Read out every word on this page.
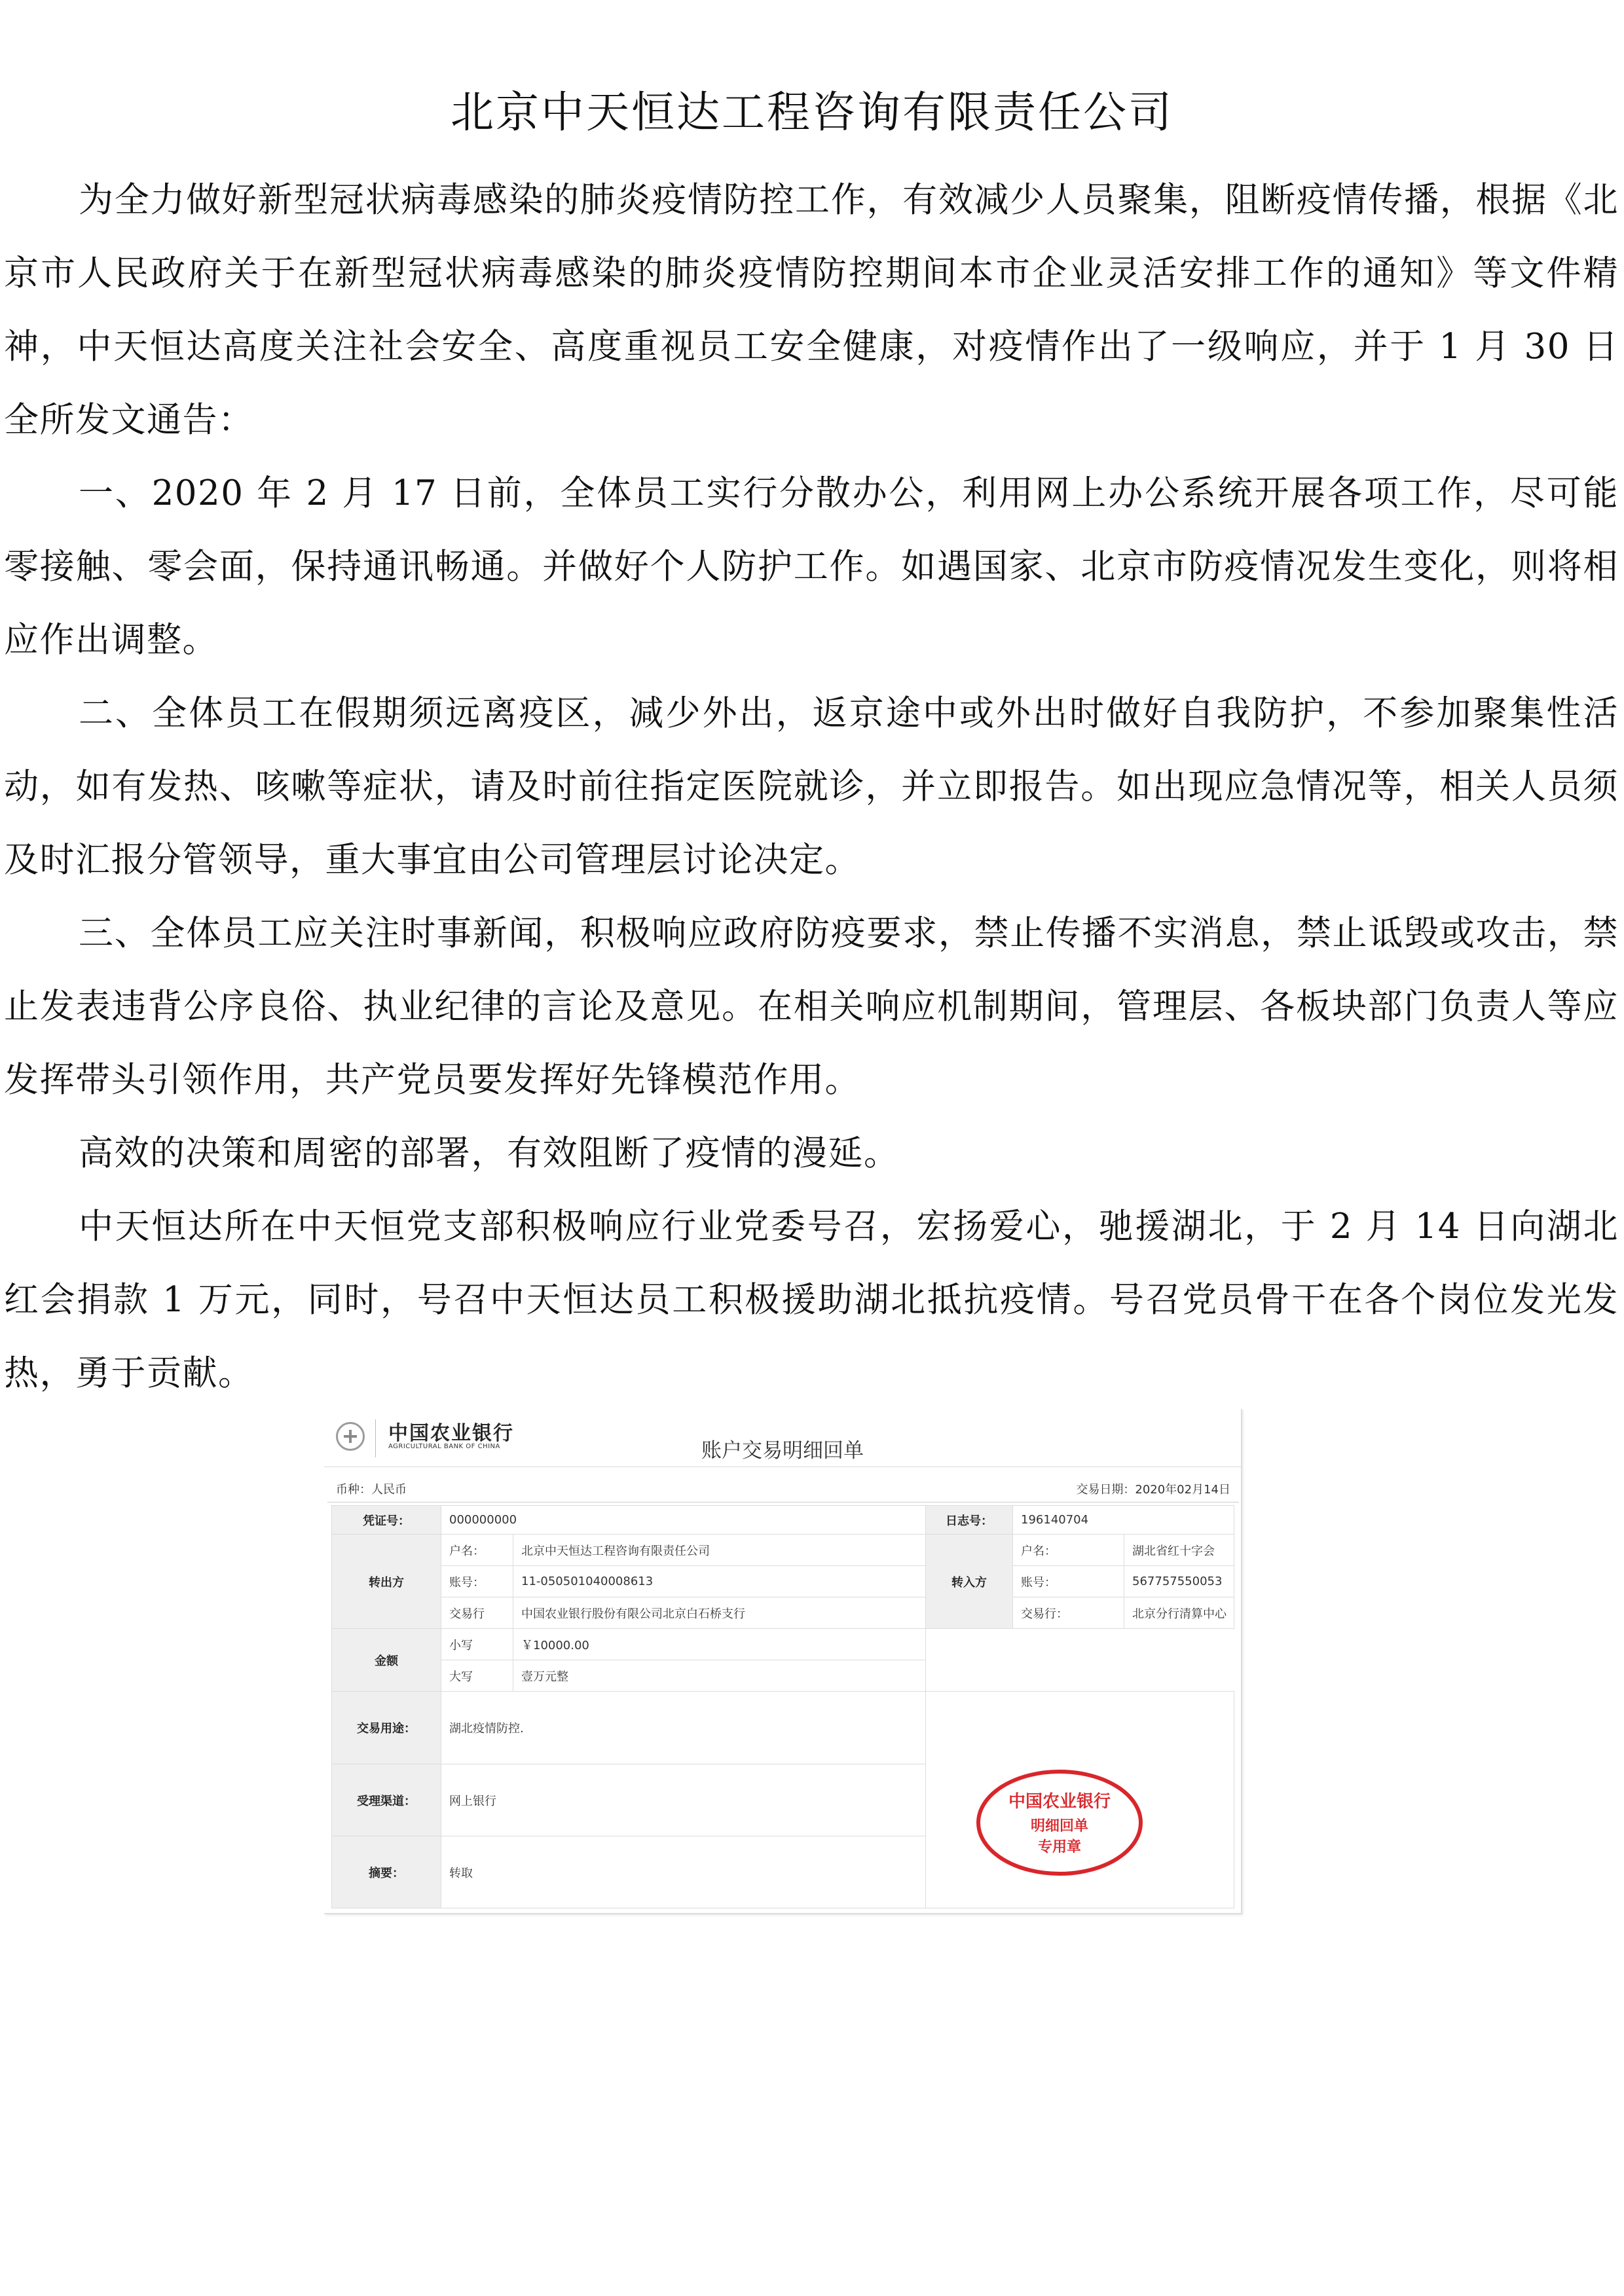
北京中天恒达工程咨询有限责任公司

为全力做好新型冠状病毒感染的肺炎疫情防控工作，有效减少人员聚集，阻断疫情传播，根据《北京市人民政府关于在新型冠状病毒感染的肺炎疫情防控期间本市企业灵活安排工作的通知》等文件精神，中天恒达高度关注社会安全、高度重视员工安全健康，对疫情作出了一级响应，并于 1 月 30 日全所发文通告：

一、2020 年 2 月 17 日前，全体员工实行分散办公，利用网上办公系统开展各项工作，尽可能零接触、零会面，保持通讯畅通。并做好个人防护工作。如遇国家、北京市防疫情况发生变化，则将相应作出调整。

二、全体员工在假期须远离疫区，减少外出，返京途中或外出时做好自我防护，不参加聚集性活动，如有发热、咳嗽等症状，请及时前往指定医院就诊，并立即报告。如出现应急情况等，相关人员须及时汇报分管领导，重大事宜由公司管理层讨论决定。

三、全体员工应关注时事新闻，积极响应政府防疫要求，禁止传播不实消息，禁止诋毁或攻击，禁止发表违背公序良俗、执业纪律的言论及意见。在相关响应机制期间，管理层、各板块部门负责人等应发挥带头引领作用，共产党员要发挥好先锋模范作用。

高效的决策和周密的部署，有效阻断了疫情的漫延。

中天恒达所在中天恒党支部积极响应行业党委号召，宏扬爱心，驰援湖北，于 2 月 14 日向湖北红会捐款 1 万元，同时，号召中天恒达员工积极援助湖北抵抗疫情。号召党员骨干在各个岗位发光发热，勇于贡献。

中国农业银行
AGRICULTURAL BANK OF CHINA	账户交易明细回单
币种：人民币	交易日期：2020年02月14日
凭证号：	000000000		日志号：	196140704	
转出方	户名：	北京中天恒达工程咨询有限责任公司	转入方	户名：	湖北省红十字会
	账号：	11-050501040008613		账号：	567757550053
	交易行	中国农业银行股份有限公司北京白石桥支行		交易行：	北京分行清算中心
金额	小写	￥10000.00			
	大写	壹万元整			
交易用途：	湖北疫情防控.		中国农业银行
明细回单
专用章		

受理渠道：	网上银行				
摘要：	转取				
